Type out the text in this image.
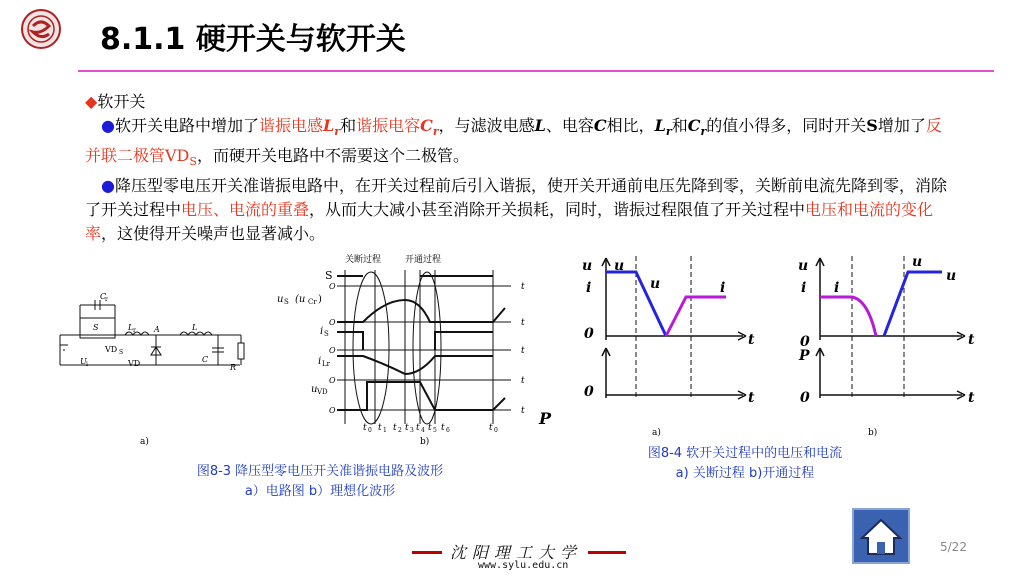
8.1.1 硬开关与软开关

◆软开关

　●软开关电路中增加了谐振电感$L_r$和谐振电容$C_r$，与滤波电感L、电容C相比，$L_r$和$C_r$的值小得多，同时开关S增加了反并联二极管$VD_S$，而硬开关电路中不需要这个二极管。

　●降压型零电压开关准谐振电路中，在开关过程前后引入谐振，使开关开通前电压先降到零，关断前电流先降到零，消除了开关过程中电压、电流的重叠，从而大大减小甚至消除开关损耗，同时，谐振过程限值了开关过程中电压和电流的变化率，这使得开关噪声也显著减小。

C
r
S	L r A	L
VD S
U i	VD	C
R
关断过程	开通过程
S
u S (u Cr )
i S
i Lr
u VD
O
O
O
O
O
t
t
t
t
t
t 0 t 1 t 2 t 3 t 4 t 5 t 6	t 0
P
a)	b)
图8-3 降压型零电压开关准谐振电路及波形
a）电路图 b）理想化波形
u
i
u
u	i
0
0
t
t
u
i i
u
u
0
P
0
t
t
a)	b)
图8-4 软开关过程中的电压和电流
a) 关断过程 b)开通过程
沈阳理工大学
www.sylu.edu.cn
5/22
